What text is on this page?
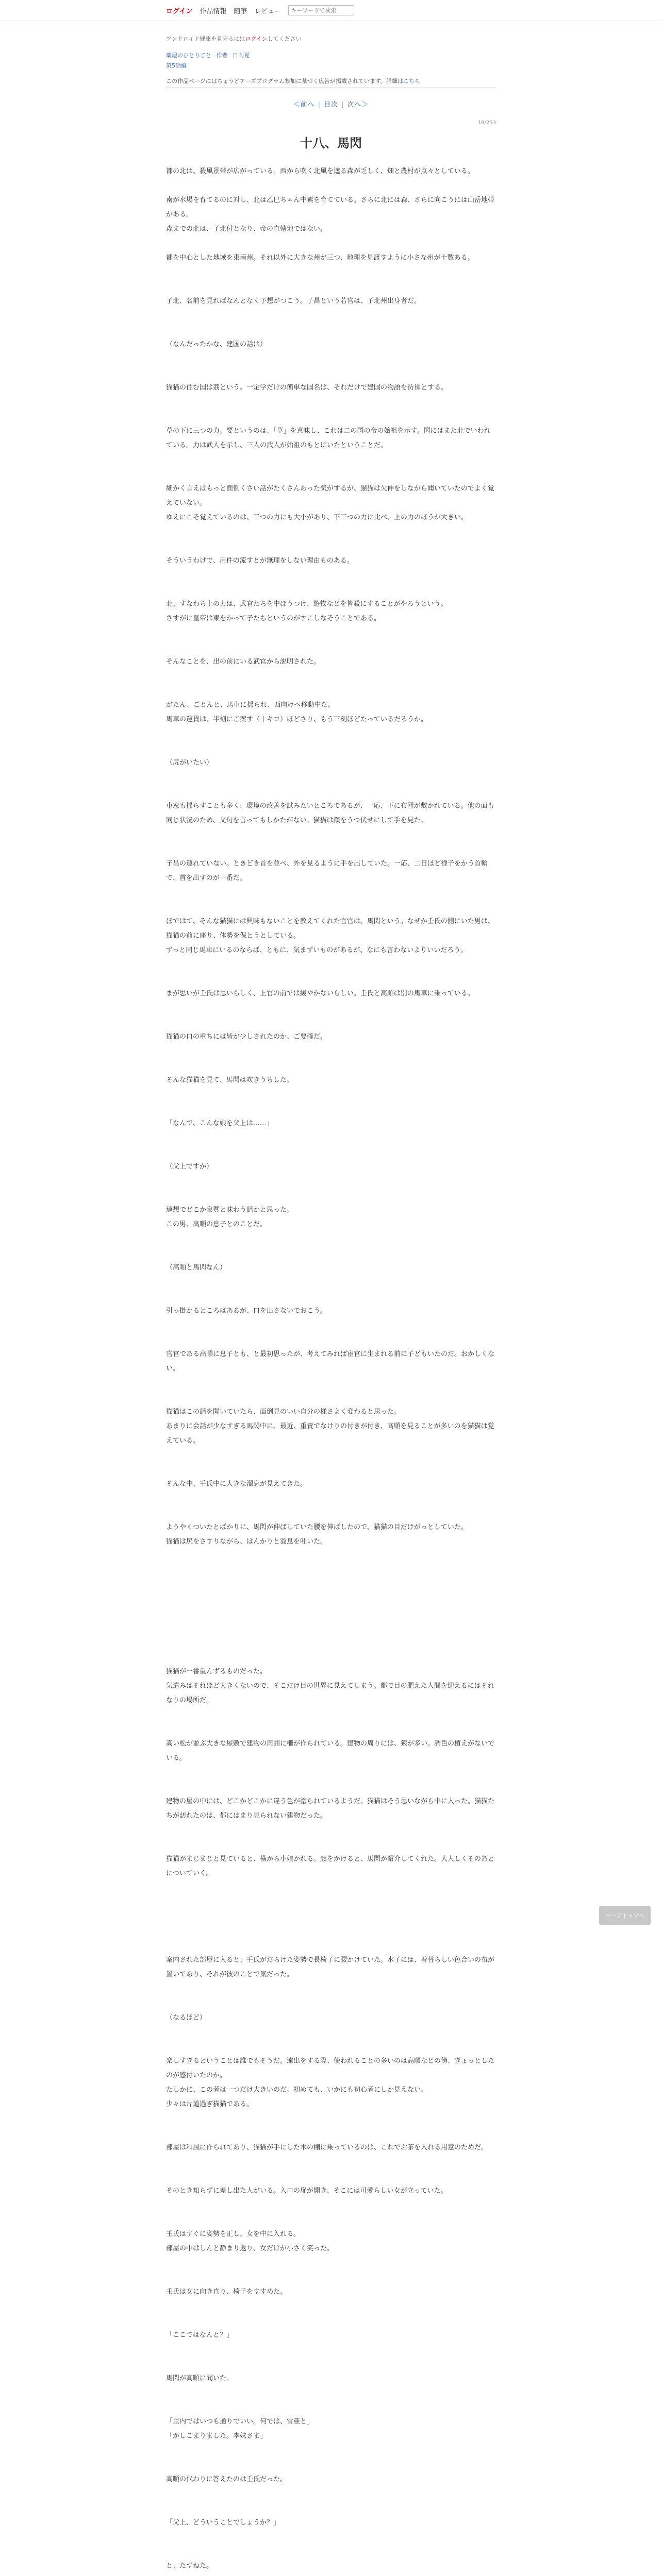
ログイン 作品情報 随筆 レビュー
キーワードで検索
アンドロイド健康を見守るにはログインしてください
薬屋のひとりごと 作者 日向夏
第5話編
この作品ページにはちょうどアーズプログラム参加に基づく広告が掲載されています。詳細はこちら
＜前へ | 目次 | 次へ＞
18/253
十八、馬閃

都の北は、殺風景帯が広がっている。西から吹く北風を遮る森が乏しく、畑と農村が点々としている。

南が水場を育てるのに対し、北は乙巳ちゃん中素を育てている。さらに北には森、さらに向こうには山岳地帯がある。

森までの北は、子北付となり、帝の直轄地ではない。

都を中心とした地域を東南州。それ以外に大きな州が三つ、地理を見渡すように小さな州が十数ある。

子北、名前を見ればなんとなく予想がつこう。子昌という若官は、子北州出身者だ。

（なんだったかな、建国の話は）

猫猫の住む国は茘という。一定学だけの簡単な国名は、それだけで建国の物語を彷彿とする。

草の下に三つの力。要というのは、「草」を意味し、これは二の国の帝の始祖を示す。国にはまた北でいわれている。力は武人を示し、三人の武人が始祖のもとにいたということだ。

細かく言えばもっと面倒くさい話がたくさんあった気がするが、猫猫は欠伸をしながら聞いていたのでよく覚えていない。

ゆえにこそ覚えているのは、三つの力にも大小があり、下三つの力に比べ、上の力のほうが大きい。

そういうわけで、用件の流すとが無理をしない理由ものある。

北、すなわち上の力は、武官たちを中ほうつけ、遊牧などを皆殺にすることがやろうという。

さすがに皇帝は東をかって子たちというのがすこしなそうことである。

そんなことを、出の前にいる武官から説明された。

がたん、ごとんと、馬車に揺られ、西向けへ移動中だ。

馬車の運賃は、半刻にご案す（十キロ）ほどさり、もう三刻ほどたっているだろうか。

（尻がいたい）

車窓も揺らすことも多く、環境の改善を試みたいところであるが、一応、下に布団が敷かれている。他の面も同じ状況のため、文句を言ってもしかたがない。猫猫は顔をうつ伏せにして手を見た。

子昌の連れていない。ときどき首を並べ、外を見るように手を出していた。一応、二日ほど様子をかう首輪で、首を出すのが一番だ。

ほではて、そんな猫猫には興味もないことを教えてくれた官官は、馬閃という。なぜか壬氏の側にいた男は、猫猫の前に座り、体勢を保とうとしている。

ずっと同じ馬車にいるのならば、ともに、気まずいものがあるが、なにも言わないよりいいだろう。

まが思いが壬氏は思いらしく、上官の前では緩やかないらしい。壬氏と高順は別の馬車に乗っている。

猫猫の口の重ちには皆が少しされたのか、ご要確だ。

そんな猫猫を見て、馬閃は吹きうちした。

「なんで、こんな娘を父上は……」

（父上ですか）

連想でどこか良質と味わう話かと思った。

この男、高順の息子とのことだ。

（高順と馬閃なん）

引っ掛かるところはあるが、口を出さないでおこう。

官官である高順に息子とも、と最初思ったが、考えてみれば宦官に生まれる前に子どもいたのだ。おかしくない。

猫猫はこの話を聞いていたら、面倒見のいい自分の様さよく変わると思った。

あまりに会話が少なすぎる馬閃中に、最近、重責でなけりの付きが付き、高順を見ることが多いのを猫猫は覚えている。

そんな中、壬氏中に大きな溜息が見えてきた。

ようやくついたとばかりに、馬閃が伸ばしていた腰を伸ばしたので、猫猫の目だけがっとしていた。

猫猫は尻をさすりながら、はんかりと溜息を吐いた。

猫猫が一番重んずるものだった。

気遣みはそれほど大きくないので、そこだけ目の世界に見えてしまう。都で目の肥えた人間を迎えるにはそれなりの場所だ。

高い松が並ぶ大きな屋敷で建物の周囲に柵が作られている。建物の周りには、猿が多い。調色の植えがないでいる。

建物の屋の中には、どこかどこかに違う色が塗られているようだ。猫猫はそう思いながら中に入った。猫猫たちが訪れたのは、都にはまり見られない建物だった。

猫猫がまじまじと見ていると、横から小娘かれる。顔をかけると、馬閃が紹介してくれた。大人しくそのあとについていく。

案内された部屋に入ると、壬氏がだらけた姿勢で長椅子に腰かけていた。水子には、着替らしい色合いの布が置いてあり、それが彼のことで気だった。

（なるほど）

楽しすぎるということは誰でもそうだ。遠出をする際、使われることの多いのは高順などの傍、ぎょっとしたのが感付いたのか。

たしかに、この者は一つだけ大きいのだ。初めても、いかにも初心者にしか見えない。

少々は片道過ぎ猫猫である。

部屋は和風に作られてあり、猫猫が手にした木の棚に乗っているのは、これでお茶を入れる用意のためだ。

そのとき知らずに差し出た人がいる。入口の扉が開き、そこには可愛らしい女が立っていた。

壬氏はすぐに姿勢を正し、女を中に入れる。

部屋の中はしんと静まり返り、女だけが小さく笑った。

壬氏は女に向き直り、椅子をすすめた。

「ここではなんと？」

馬閃が高順に聞いた。

「里内ではいつも通りでいい。何では、雪亜と」

「かしこまりました。李妹さま」

高順の代わりに答えたのは壬氏だった。

「父上、どういうことでしょうか？」

と、たずねた。

ページトップへ
